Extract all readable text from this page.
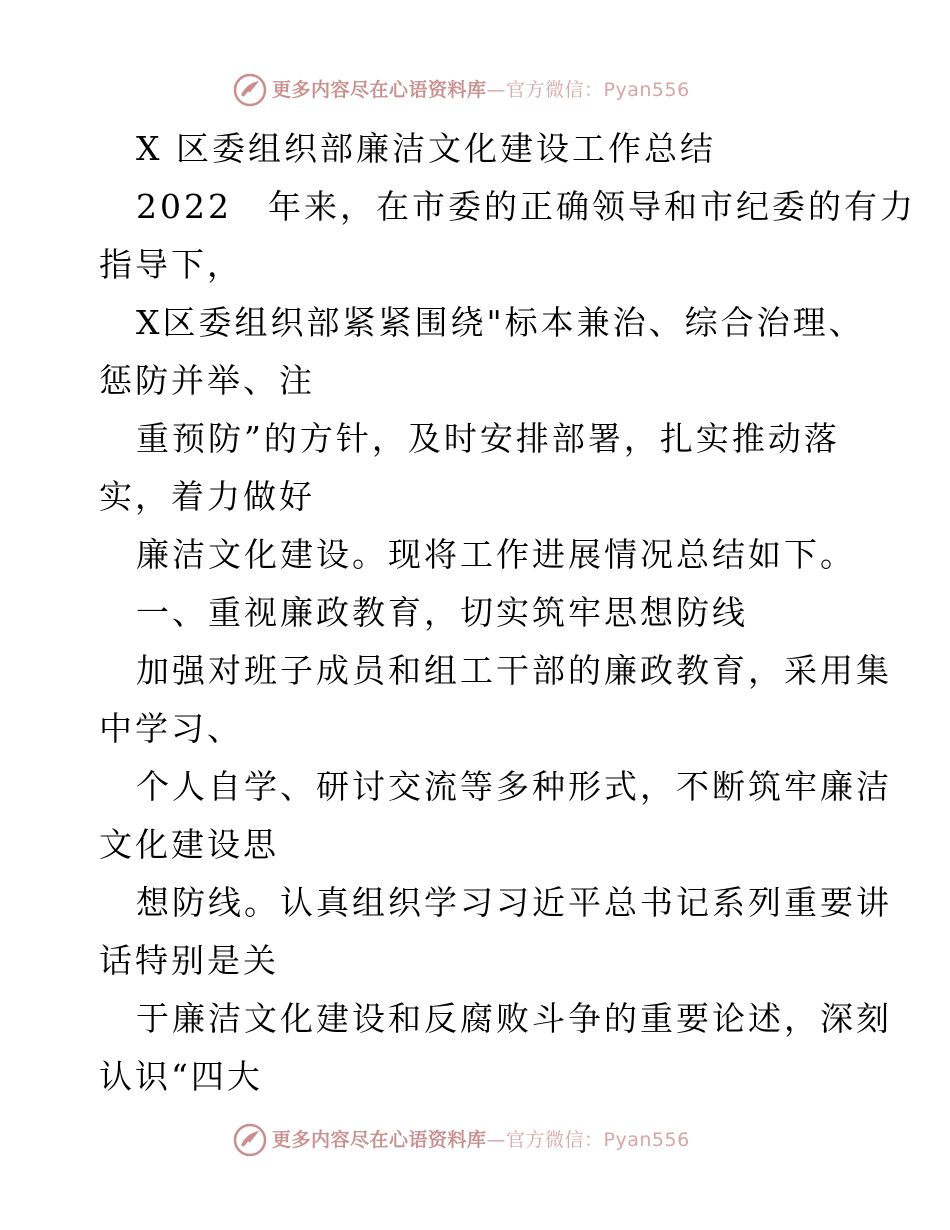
更多内容尽在心语资料库—官方微信：Pyan556
X 区委组织部廉洁文化建设工作总结
2022　年来，在市委的正确领导和市纪委的有力
指导下，
X区委组织部紧紧围绕"标本兼治、综合治理、
惩防并举、注
重预防”的方针，及时安排部署，扎实推动落
实，着力做好
廉洁文化建设。现将工作进展情况总结如下。
一、重视廉政教育，切实筑牢思想防线
加强对班子成员和组工干部的廉政教育，采用集
中学习、
个人自学、研讨交流等多种形式，不断筑牢廉洁
文化建设思
想防线。认真组织学习习近平总书记系列重要讲
话特别是关
于廉洁文化建设和反腐败斗争的重要论述，深刻
认识“四大
更多内容尽在心语资料库—官方微信：Pyan556
